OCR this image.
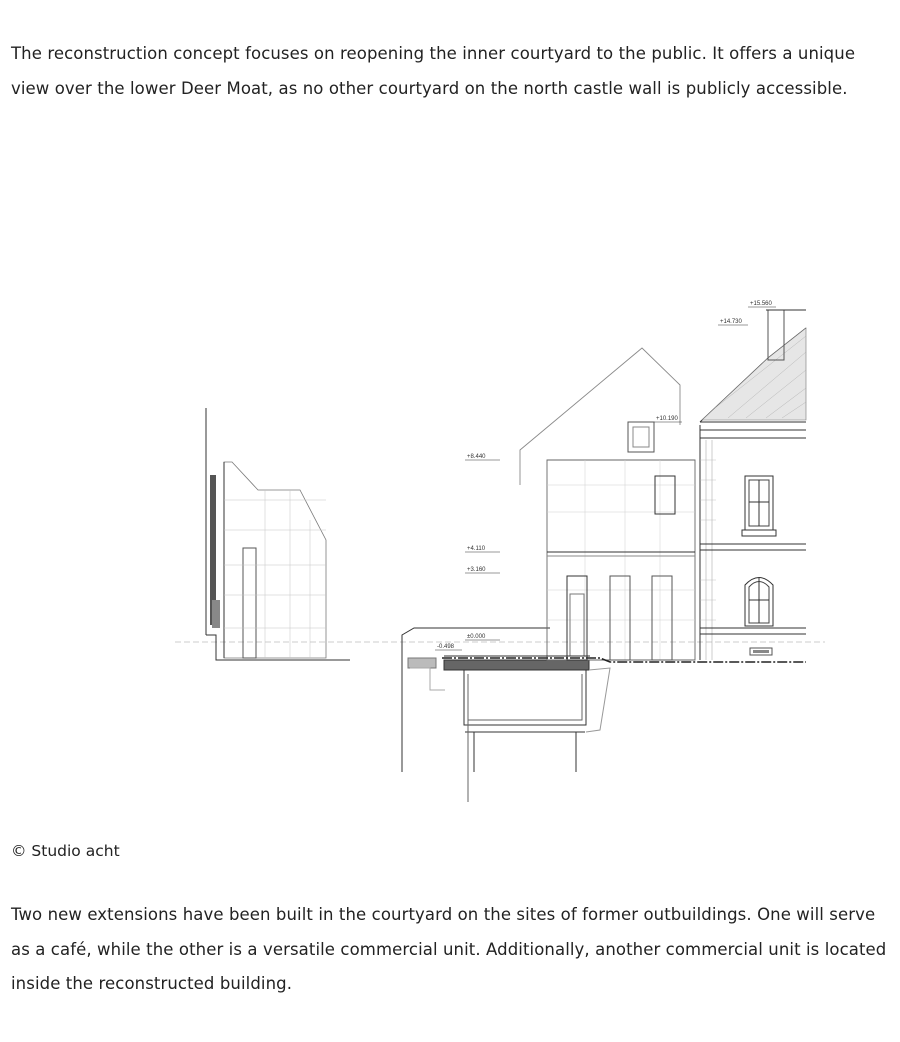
The reconstruction concept focuses on reopening the inner courtyard to the public. It offers a unique view over the lower Deer Moat, as no other courtyard on the north castle wall is publicly accessible.

+15.560
+14.730
+10.190
+8.440
+4.110
+3.160
±0.000
-0.498

© Studio acht

Two new extensions have been built in the courtyard on the sites of former outbuildings. One will serve as a café, while the other is a versatile commercial unit. Additionally, another commercial unit is located inside the reconstructed building.
